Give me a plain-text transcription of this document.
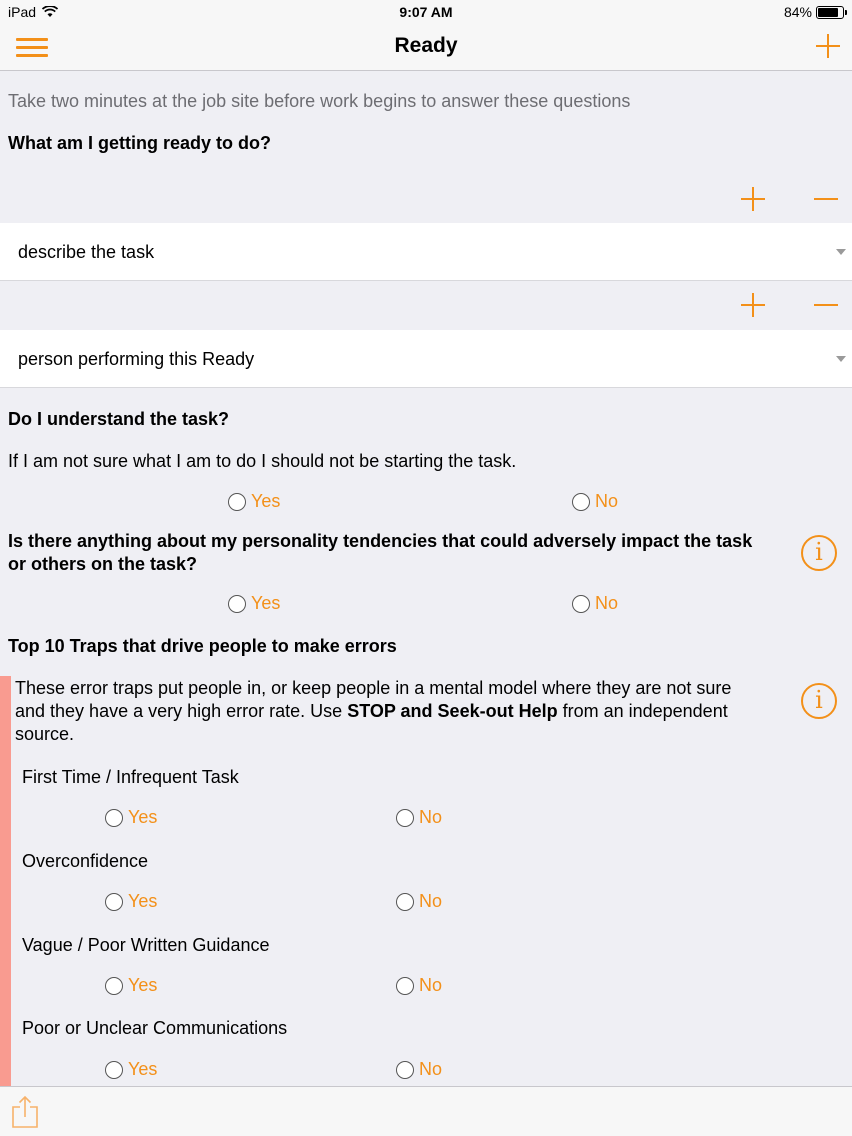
iPad	9:07 AM	84%
Ready
Take two minutes at the job site before work begins to answer these questions
What am I getting ready to do?
describe the task
person performing this Ready
Do I understand the task?
If I am not sure what I am to do I should not be starting the task.
Yes	No
Is there anything about my personality tendencies that could adversely impact the task
or others on the task?	i
Yes	No
Top 10 Traps that drive people to make errors
These error traps put people in, or keep people in a mental model where they are not sure
and they have a very high error rate. Use STOP and Seek-out Help from an independent
source.
i
First Time / Infrequent Task
Yes	No
Overconfidence
Yes	No
Vague / Poor Written Guidance
Yes	No
Poor or Unclear Communications
Yes	No
